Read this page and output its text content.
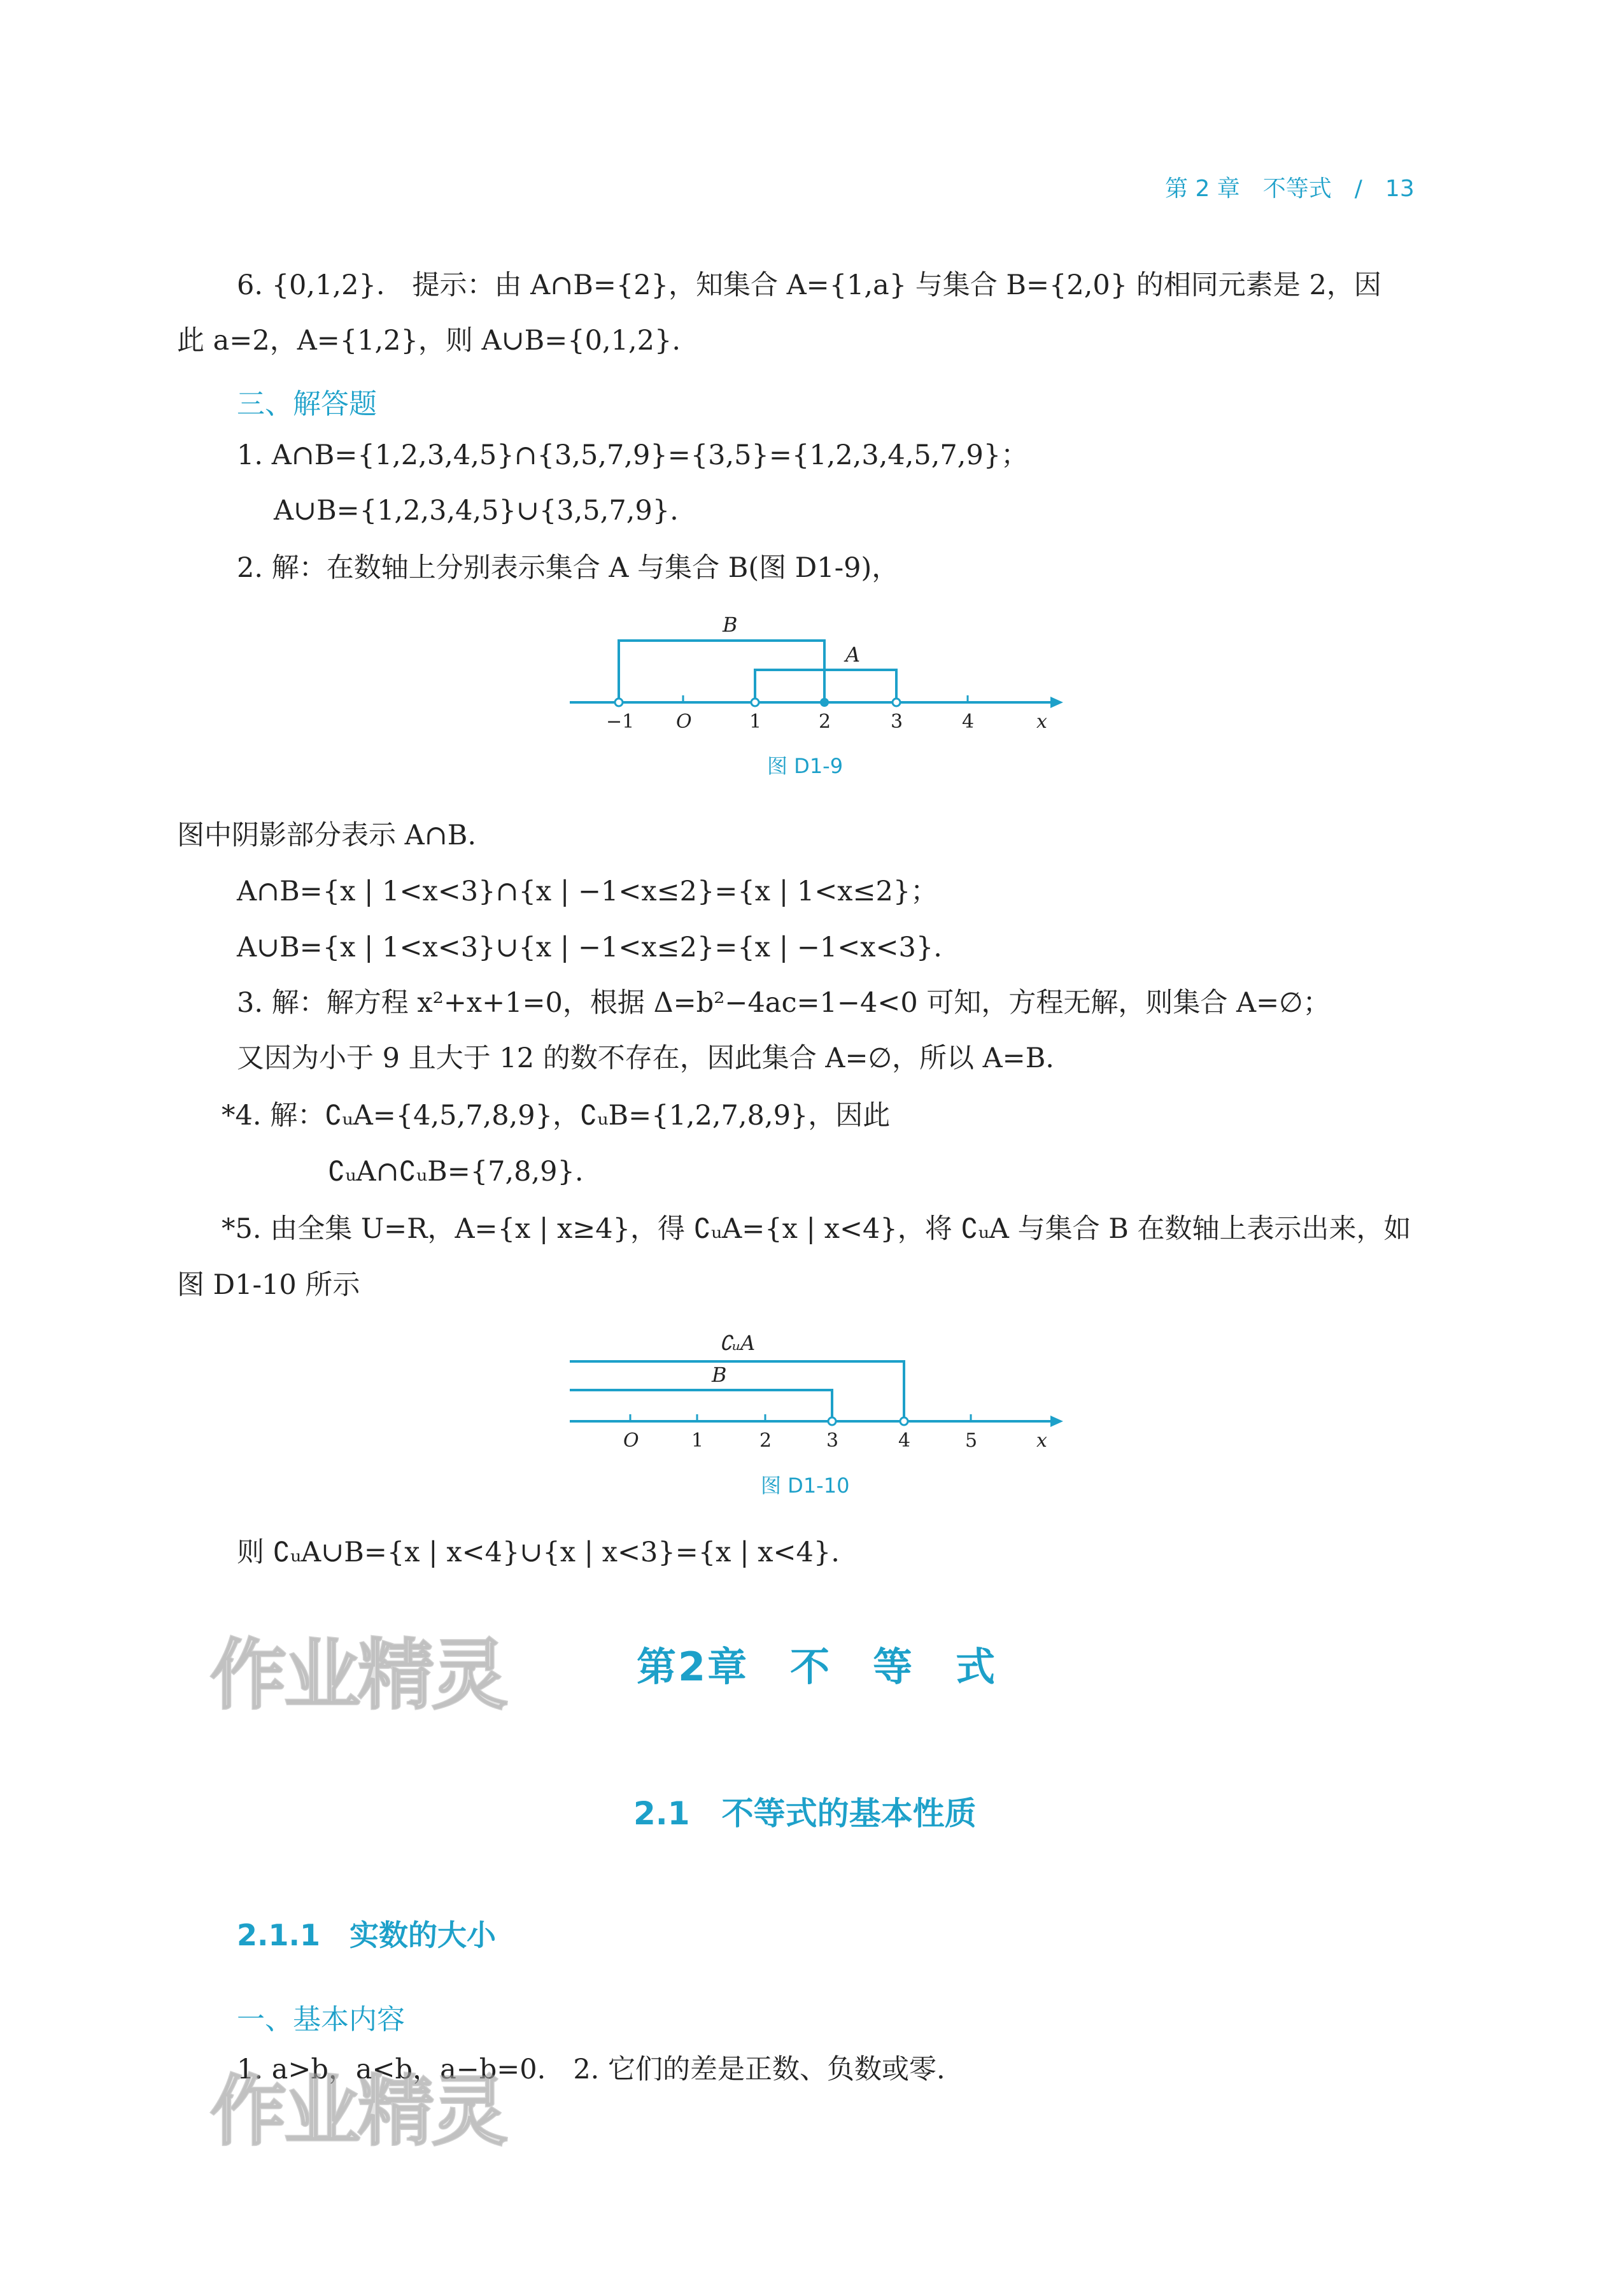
第 2 章　不等式　/　13
6. {0,1,2}.　提示：由 A∩B={2}，知集合 A={1,a} 与集合 B={2,0} 的相同元素是 2，因
此 a=2，A={1,2}，则 A∪B={0,1,2}.
三、解答题
1. A∩B={1,2,3,4,5}∩{3,5,7,9}={3,5}={1,2,3,4,5,7,9}；
A∪B={1,2,3,4,5}∪{3,5,7,9}.
2. 解：在数轴上分别表示集合 A 与集合 B(图 D1-9)，
B
A
−1 O	1	2	3	4	x
图 D1-9
图中阴影部分表示 A∩B.
A∩B={x | 1<x<3}∩{x | −1<x≤2}={x | 1<x≤2}；
A∪B={x | 1<x<3}∪{x | −1<x≤2}={x | −1<x<3}.
3. 解：解方程 x²+x+1=0，根据 Δ=b²−4ac=1−4<0 可知，方程无解，则集合 A=∅；
又因为小于 9 且大于 12 的数不存在，因此集合 A=∅，所以 A=B.
*4. 解：∁ᵤA={4,5,7,8,9}，∁ᵤB={1,2,7,8,9}，因此
∁ᵤA∩∁ᵤB={7,8,9}.
*5. 由全集 U=R，A={x | x≥4}，得 ∁ᵤA={x | x<4}，将 ∁ᵤA 与集合 B 在数轴上表示出来，如
图 D1-10 所示
∁ᵤA
B
O	1	2	3	4	5	x
图 D1-10
则 ∁ᵤA∪B={x | x<4}∪{x | x<3}={x | x<4}.
作业精灵	第2章　不　等　式
2.1　不等式的基本性质
2.1.1　实数的大小
一、基本内容
1. a>b，a<b，a−b=0.　2. 它们的差是正数、负数或零.
作业精灵
